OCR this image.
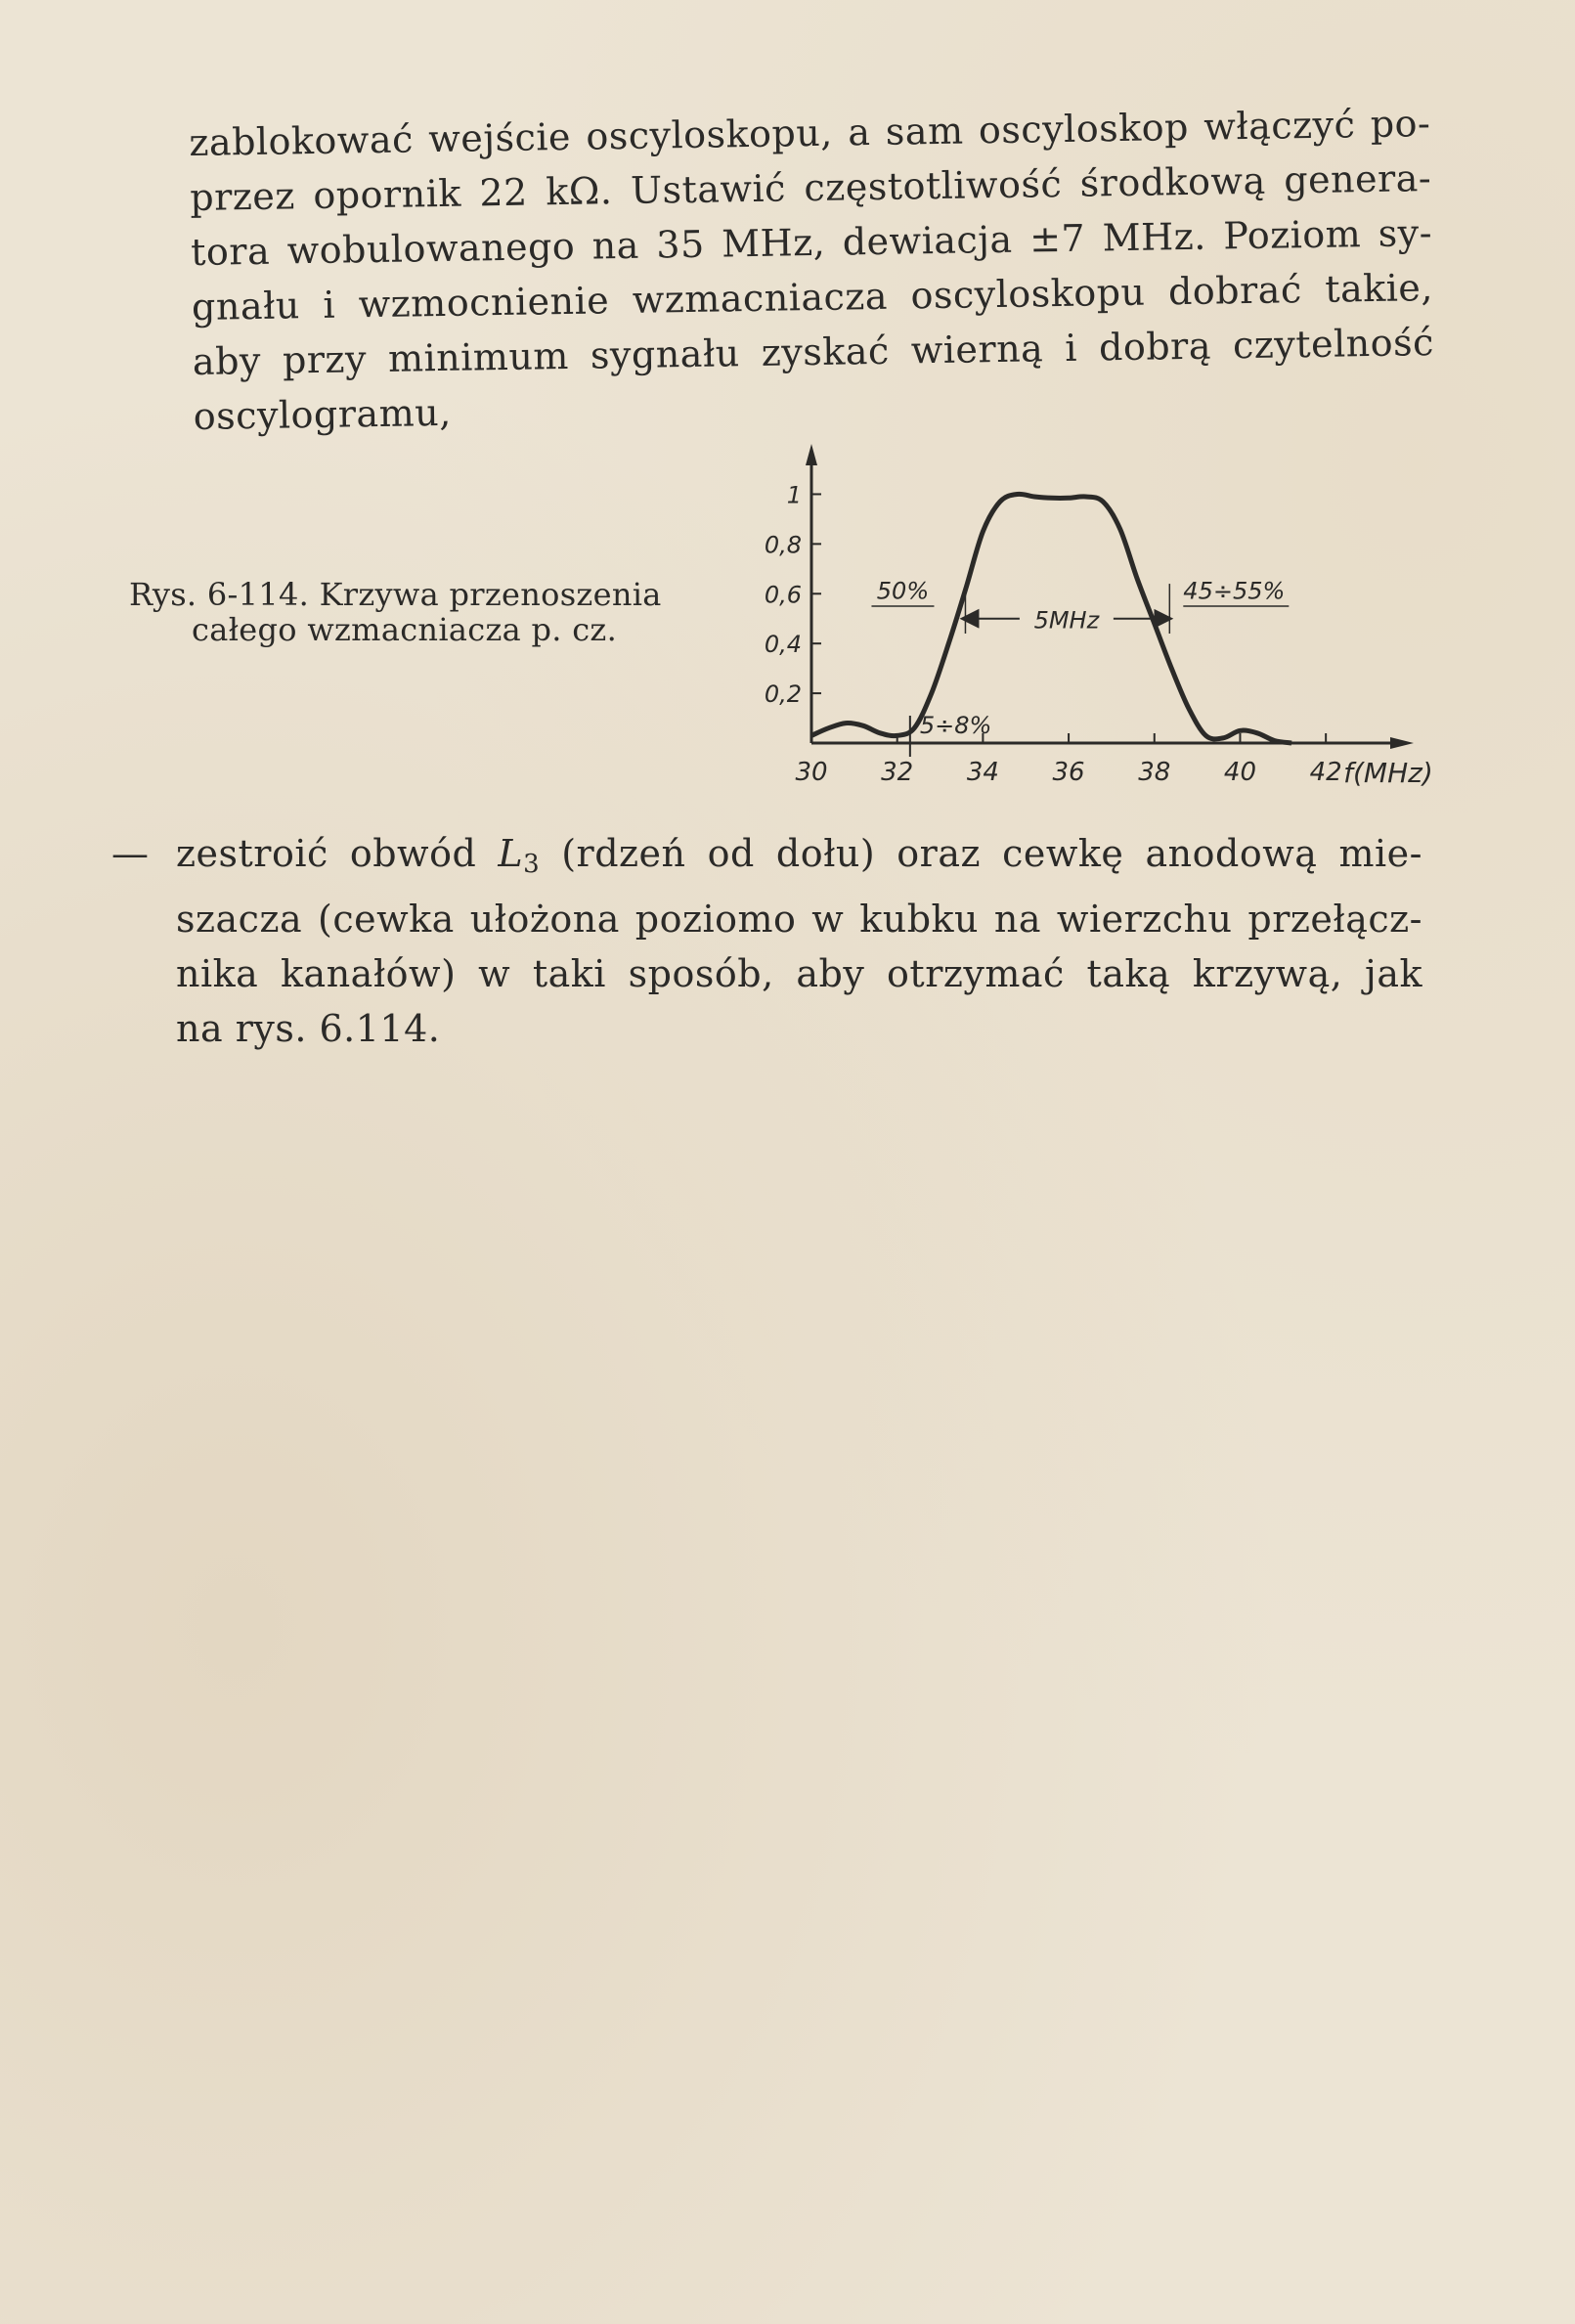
zablokować wejście oscyloskopu, a sam oscyloskop włączyć po-
przez opornik 22 kΩ. Ustawić częstotliwość środkową genera-
tora wobulowanego na 35 MHz, dewiacja ±7 MHz. Poziom sy-
gnału i wzmocnienie wzmacniacza oscyloskopu dobrać takie,
aby przy minimum sygnału zyskać wierną i dobrą czytelność
oscylogramu,
Rys. 6-114. Krzywa przenoszenia
całego wzmacniacza p. cz.
30 32 34 36 38 40 42
0,2
0,4
0,6
0,8
1
50%	45÷55%
5MHz
5÷8%
f(MHz)
— zestroić obwód $L_3$ (rdzeń od dołu) oraz cewkę anodową mie-
szacza (cewka ułożona poziomo w kubku na wierzchu przełącz-
nika kanałów) w taki sposób, aby otrzymać taką krzywą, jak
na rys. 6.114.
